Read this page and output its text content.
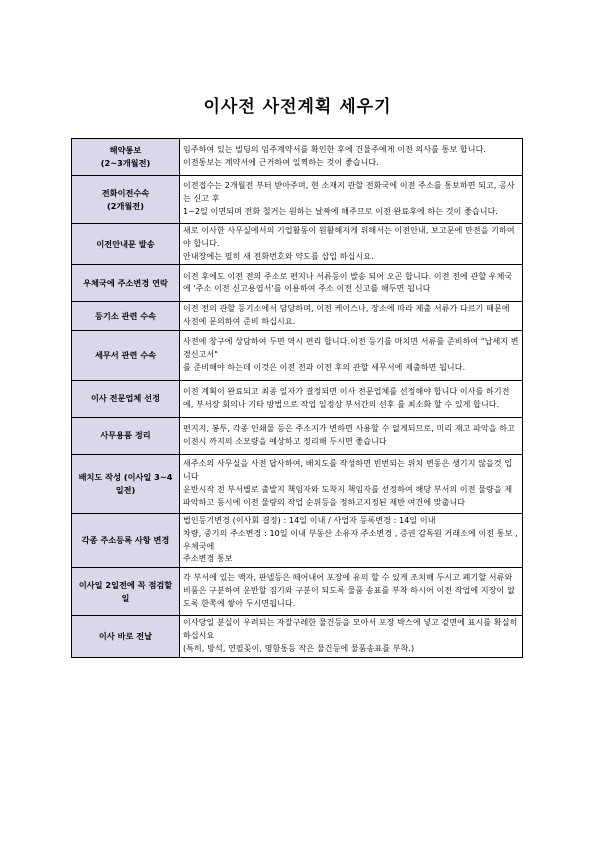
이사전 사전계획 세우기
해약통보
(2~3개월전)	임주하여 있는 빌딩의 임주계약서를 확인한 후에 건물주에게 이전 의사를 통보 합니다.
이전통보는 계약서에 근거하여 일찍하는 것이 좋습니다.

전화이전수속
(2개월전)	이전접수는 2개월전 부터 받아주며, 현 소재지 관할 전화국에 이전 주소를 통보하면 되고, 공사는 신고 후
1~2일 이면되며 전화 철거는 원하는 날짜에 해주므로 이전 완료후에 하는 것이 좋습니다.

이전안내문 발송	새로 이사한 사무실에서의 기업활동이 원활해지게 위해서는 이전안내, 보고문에 만전을 기하여야 합니다.
안내장에는 필히 새 전화번호와 약도를 삽입 하십시요.

우체국에 주소변경 연락	이전 후에도 이전 전의 주소로 편지나 서류등이 발송 되어 오곤 합니다. 이전 전에 관할 우체국에 '주소 이전 신고용엽서'를 이용하여 주소 이전 신고를 해두면 됩니다

등기소 관련 수속	이전 전의 관할 등기소에서 담당하며, 이전 케이스나, 장소에 따라 제출 서류가 다르기 때문에 사전에 문의하여 준비 하십시요.

세무서 관련 수속	사전에 창구에 상담하여 두면 역시 편리 합니다.이전 등기를 마치면 서류를 준비하여 "납세지 변경신고서"
를 준비해야 하는데 이것은 이전 전과 이전 후의 관할 세무서에 제출하면 됩니다.

이사 전문업체 선정	이전 계획이 완료되고 최종 일자가 결정되면 이사 전문업체를 선정해야 합니다 이사를 하기전에, 부서장 회의나 기타 방법으로 작업 일정상 부서간의 선후 를 최소화 할 수 있게 합니다.

사무용품 정리	편지지, 봉투, 각종 인쇄물 등은 주소지가 변하면 사용할 수 없게되므로, 미리 재고 파악을 하고 이전시 까지의 소모량을 예상하고 정리해 두시면 좋습니다

배치도 작성 (이사일 3~4일전)	새주소의 사무실을 사전 답사하여, 배치도를 작성하면 빈번되는 위치 변동은 생기지 않을것 입니다
운반시작 전 부서별로 출발지 책임자와 도착지 책임자를 선정하여 해당 부서의 이전 물량을 제 파악하고 동시에 이전 물량의 작업 순위등을 정하고지정된 제반 여건에 맞춥니다

각종 주소등록 사항 변경	법인등기변경 (이사회 결정) : 14일 이내 / 사업자 등록변경 : 14일 이내
차량, 중기의 주소변경 : 10일 이내 부동산 소유자 주소변경 , 증권 감독원 거래소에 이전 통보 , 우체국에
주소변경 통보

이사일 2일전에 꼭 점검할 일	각 부서에 있는 액자, 판넬등은 떼어내어 포장에 유의 할 수 있게 조치해 두시고 폐기할 서류와 비품은 구분하여 운반할 짐기와 구분이 되도록 물품 송표를 부착 하시어 이전 작업에 지장이 없도록 한쪽에 쌓아 두시면됩니다.

이사 바로 전날	이사당일 분실이 우려되는 자잘구레한 물건등을 모아서 포장 박스에 넣고 겉면에 표시를 확실히 하십시요
(특히, 방석, 연필꽂이, 명함통등 작은 물건등에 물품송표를 부착.)
